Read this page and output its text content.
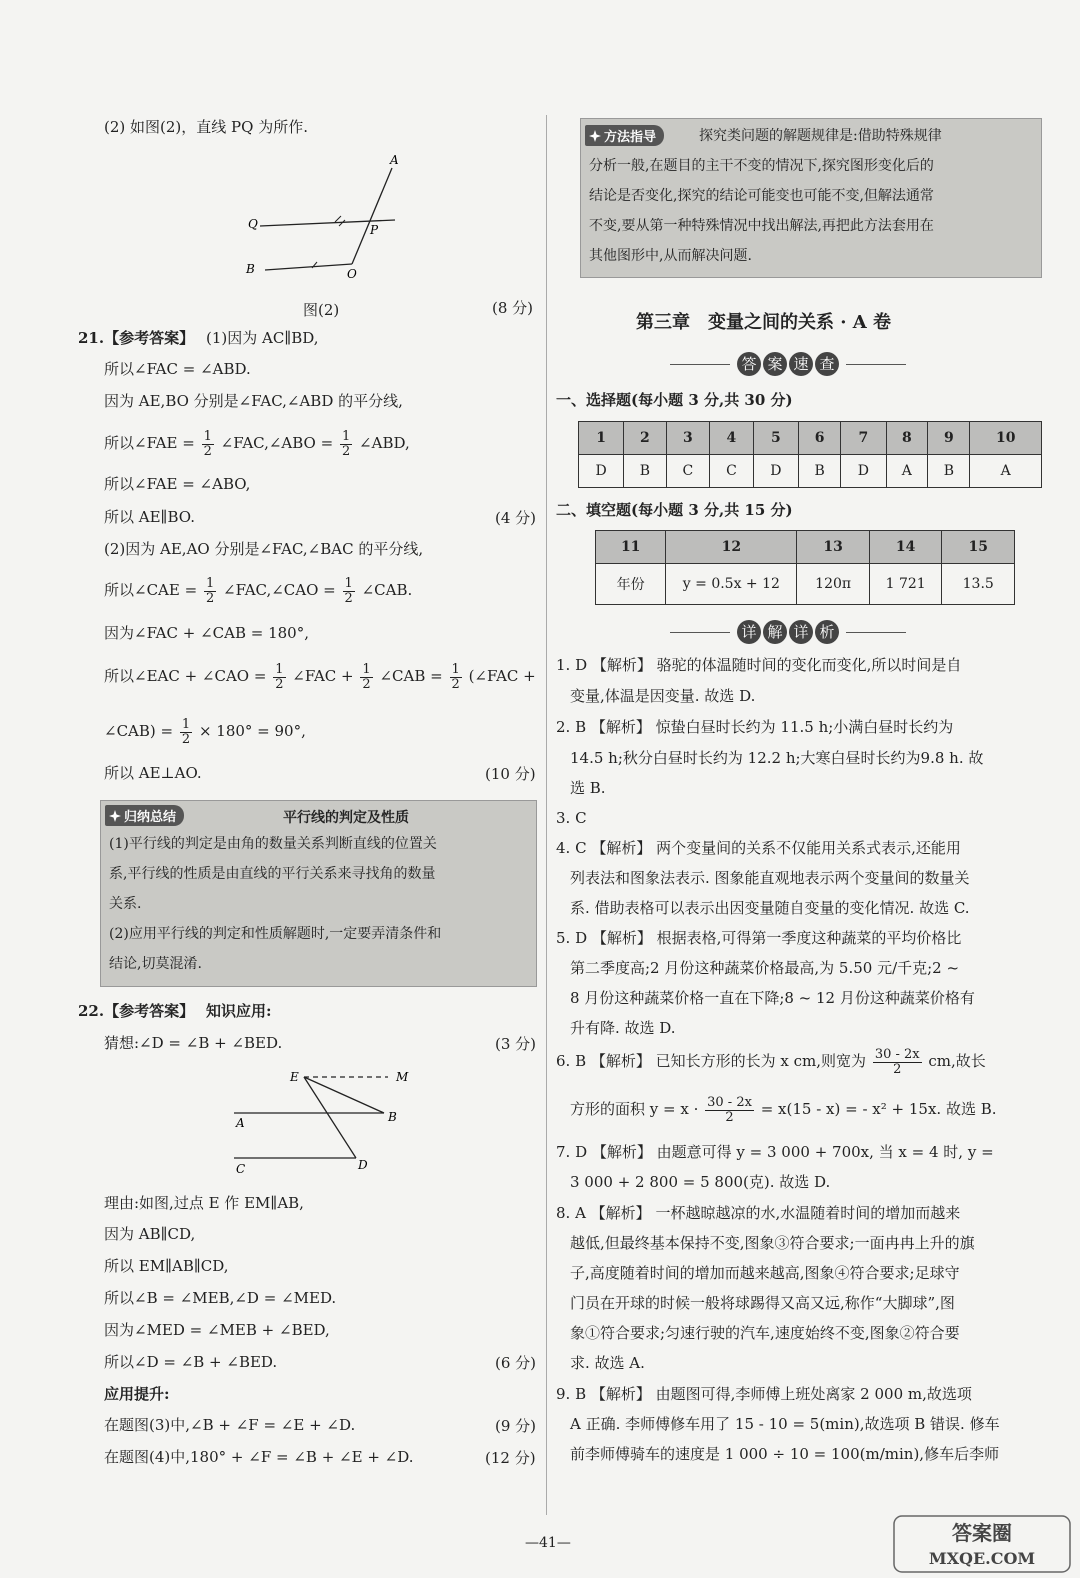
(2) 如图(2)，直线 PQ 为所作.
A
Q	P
B	O
图(2)	(8 分)
21.【参考答案】 (1)因为 AC∥BD,
所以∠FAC = ∠ABD.
因为 AE,BO 分别是∠FAC,∠ABD 的平分线,
所以∠FAE = $\frac{1}{2}$ ∠FAC,∠ABO = $\frac{1}{2}$ ∠ABD,
所以∠FAE = ∠ABO,
所以 AE∥BO.	(4 分)
(2)因为 AE,AO 分别是∠FAC,∠BAC 的平分线,
所以∠CAE = $\frac{1}{2}$ ∠FAC,∠CAO = $\frac{1}{2}$ ∠CAB.
因为∠FAC + ∠CAB = 180°,
所以∠EAC + ∠CAO = $\frac{1}{2}$ ∠FAC + $\frac{1}{2}$ ∠CAB = $\frac{1}{2}$ (∠FAC +
∠CAB) = $\frac{1}{2} \times 180^\circ = 90^\circ$,
所以 AE⊥AO.	(10 分)
归纳总结	平行线的判定及性质
(1)平行线的判定是由角的数量关系判断直线的位置关
系,平行线的性质是由直线的平行关系来寻找角的数量
关系.
(2)应用平行线的判定和性质解题时,一定要弄清条件和
结论,切莫混淆.
22.【参考答案】 知识应用:
猜想:∠D = ∠B + ∠BED.	(3 分)
E	M
A	B
C	D
理由:如图,过点 E 作 EM∥AB,
因为 AB∥CD,
所以 EM∥AB∥CD,
所以∠B = ∠MEB,∠D = ∠MED.
因为∠MED = ∠MEB + ∠BED,
所以∠D = ∠B + ∠BED.	(6 分)
应用提升:
在题图(3)中,∠B + ∠F = ∠E + ∠D.	(9 分)
在题图(4)中,180° + ∠F = ∠B + ∠E + ∠D.	(12 分)
方法指导	探究类问题的解题规律是:借助特殊规律
分析一般,在题目的主干不变的情况下,探究图形变化后的
结论是否变化,探究的结论可能变也可能不变,但解法通常
不变,要从第一种特殊情况中找出解法,再把此方法套用在
其他图形中,从而解决问题.
第三章　变量之间的关系 · A 卷
答 案 速 查
一、选择题(每小题 3 分,共 30 分)
1	2	3	4	5	6	7	8	9	10
D	B	C	C	D	B	D	A	B	A
二、填空题(每小题 3 分,共 15 分)
11	12	13	14	15
年份	y = 0.5x + 12	120π	1 721	13.5
详 解 详 析
1. D 【解析】 骆驼的体温随时间的变化而变化,所以时间是自
变量,体温是因变量. 故选 D.
2. B 【解析】 惊蛰白昼时长约为 11.5 h;小满白昼时长约为
14.5 h;秋分白昼时长约为 12.2 h;大寒白昼时长约为9.8 h. 故
选 B.
3. C
4. C 【解析】 两个变量间的关系不仅能用关系式表示,还能用
列表法和图象法表示. 图象能直观地表示两个变量间的数量关
系. 借助表格可以表示出因变量随自变量的变化情况. 故选 C.
5. D 【解析】 根据表格,可得第一季度这种蔬菜的平均价格比
第二季度高;2 月份这种蔬菜价格最高,为 5.50 元/千克;2 ~
8 月份这种蔬菜价格一直在下降;8 ~ 12 月份这种蔬菜价格有
升有降. 故选 D.
6. B 【解析】 已知长方形的长为 x cm,则宽为 $\frac{30 - 2x}{2}$ cm,故长
方形的面积 $y = x \cdot \frac{30 - 2x}{2} = x(15 - x)$ = - x² + 15x. 故选 B.
7. D 【解析】 由题意可得 y = 3 000 + 700x, 当 x = 4 时, y =
3 000 + 2 800 = 5 800(克). 故选 D.
8. A 【解析】 一杯越晾越凉的水,水温随着时间的增加而越来
越低,但最终基本保持不变,图象③符合要求;一面冉冉上升的旗
子,高度随着时间的增加而越来越高,图象④符合要求;足球守
门员在开球的时候一般将球踢得又高又远,称作“大脚球”,图
象①符合要求;匀速行驶的汽车,速度始终不变,图象②符合要
求. 故选 A.
9. B 【解析】 由题图可得,李师傅上班处离家 2 000 m,故选项
A 正确. 李师傅修车用了 15 - 10 = 5(min),故选项 B 错误. 修车
前李师傅骑车的速度是 1 000 ÷ 10 = 100(m/min),修车后李师
—41—	答案圈
MXQE.COM
